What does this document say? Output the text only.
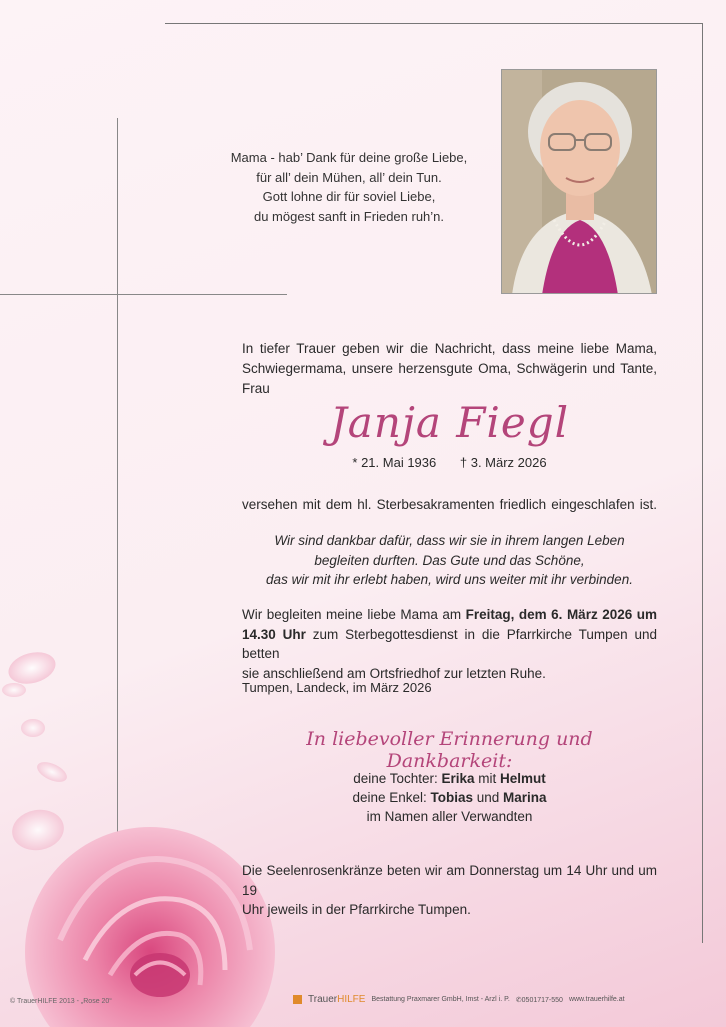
Mama - hab’ Dank für deine große Liebe,
für all’ dein Mühen, all’ dein Tun.
Gott lohne dir für soviel Liebe,
du mögest sanft in Frieden ruh’n.
In tiefer Trauer geben wir die Nachricht, dass meine liebe Mama,
Schwiegermama, unsere herzensgute Oma, Schwägerin und Tante, Frau
Janja Fiegl
* 21. Mai 1936 † 3. März 2026
versehen mit dem hl. Sterbesakramenten friedlich eingeschlafen ist.
Wir sind dankbar dafür, dass wir sie in ihrem langen Leben
begleiten durften. Das Gute und das Schöne,
das wir mit ihr erlebt haben, wird uns weiter mit ihr verbinden.
Wir begleiten meine liebe Mama am Freitag, dem 6. März 2026 um
14.30 Uhr zum Sterbegottesdienst in die Pfarrkirche Tumpen und betten
sie anschließend am Ortsfriedhof zur letzten Ruhe.
Tumpen, Landeck, im März 2026
In liebevoller Erinnerung und Dankbarkeit:
deine Tochter: Erika mit Helmut
deine Enkel: Tobias und Marina
im Namen aller Verwandten
Die Seelenrosenkränze beten wir am Donnerstag um 14 Uhr und um 19
Uhr jeweils in der Pfarrkirche Tumpen.
© TrauerHILFE 2013 - „Rose 20“	TrauerHILFE Bestattung Praxmarer GmbH, Imst - Arzl i. P. ✆0501717-550 www.trauerhilfe.at
